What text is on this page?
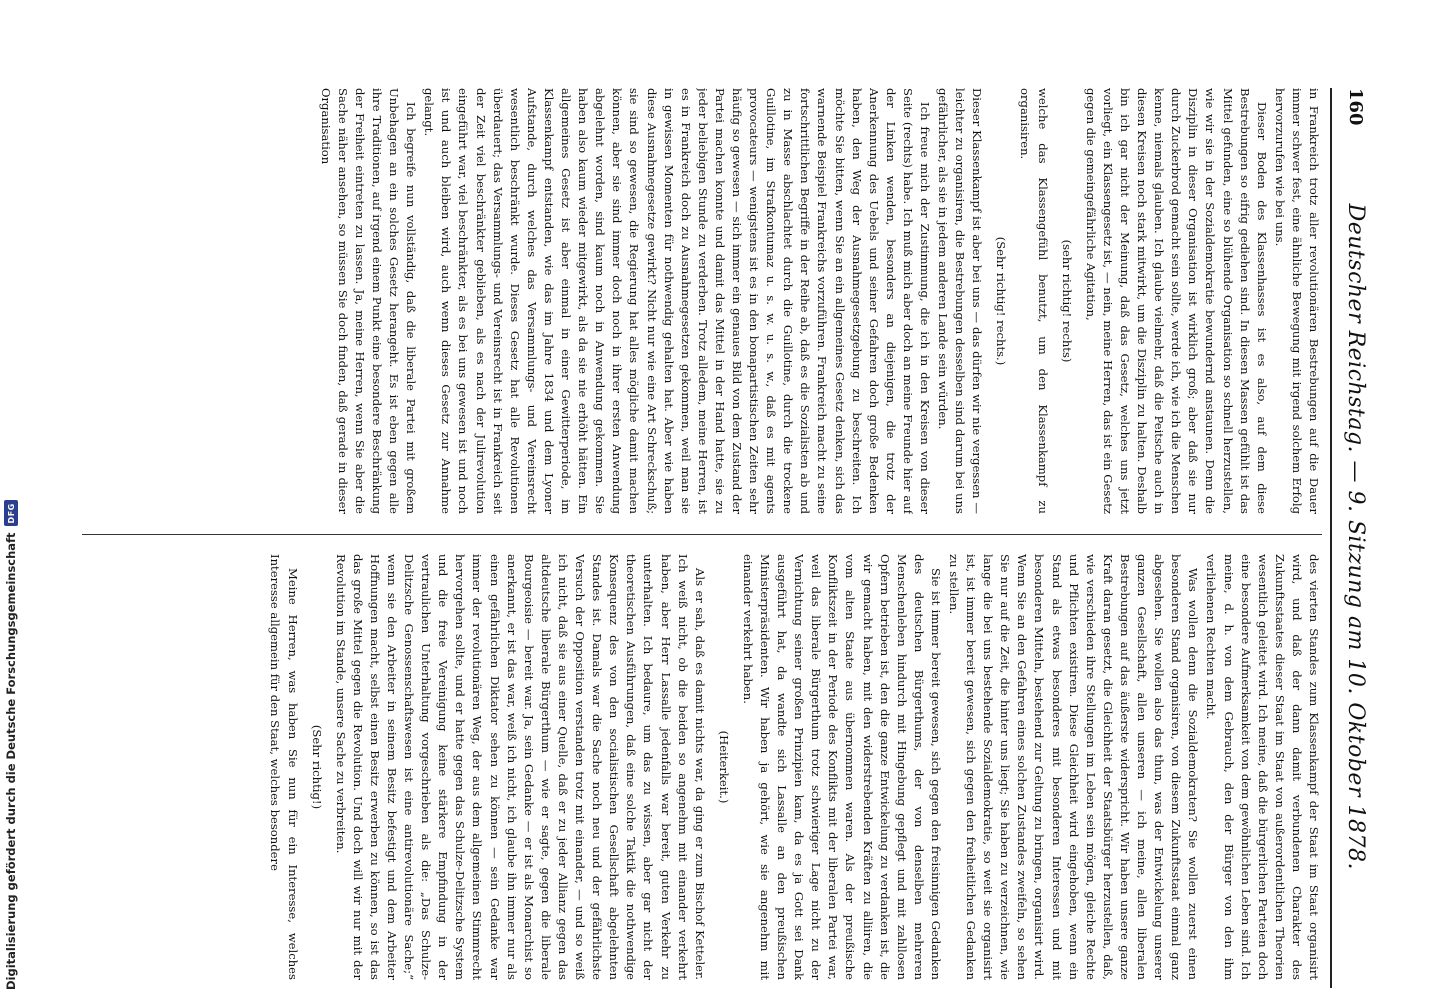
160
Deutscher Reichstag. — 9. Sitzung am 10. Oktober 1878.

in Frankreich trotz aller revolutionären Bestrebungen auf die Dauer immer schwer fest, eine ähnliche Bewegung mit irgend solchem Erfolg hervorzurufen wie bei uns.

Dieser Boden des Klassenhasses ist es also, auf dem diese Bestrebungen so eifrig gediehen sind. In diesen Massen gefühlt ist das Mittel gefunden, eine so blühende Organisation so schnell herzustellen, wie wir sie in der Sozialdemokratie bewundernd anstaunen. Denn die Disziplin in dieser Organisation ist wirklich groß; aber daß sie nur durch Zuckerbrod gemacht sein sollte, werde ich, wie ich die Menschen kenne, niemals glauben. Ich glaube vielmehr, daß die Peitsche auch in diesen Kreisen noch stark mitwirkt, um die Disziplin zu halten. Deshalb bin ich gar nicht der Meinung, daß das Gesetz, welches uns jetzt vorliegt, ein Klassengesetz ist, — nein, meine Herren, das ist ein Gesetz gegen die gemeingefährliche Agitation,

(sehr richtig! rechts)

welche das Klassengefühl benutzt, um den Klassenkampf zu organisiren.

(Sehr richtig! rechts.)

Dieser Klassenkampf ist aber bei uns — das dürfen wir nie vergessen — leichter zu organisiren, die Bestrebungen desselben sind darum bei uns gefährlicher, als sie in jedem anderen Lande sein würden.

Ich freue mich der Zustimmung, die ich in den Kreisen von dieser Seite (rechts) habe. Ich muß mich aber doch an meine Freunde hier auf der Linken wenden, besonders an diejenigen, die trotz der Anerkennung des Uebels und seiner Gefahren doch große Bedenken haben, den Weg der Ausnahmegesetzgebung zu beschreiten. Ich möchte Sie bitten, wenn Sie an ein allgemeines Gesetz denken, sich das warnende Beispiel Frankreichs vorzuführen. Frankreich macht zu seine fortschrittlichen Begriffe in der Reihe ab, daß es die Sozialisten ab und zu in Masse abschlachtet durch die Guillotine, durch die trockene Guillotine, im Strafkontumaz u. s. w. u. s. w., daß es mit agents provocateurs — wenigstens ist es in den bonapartistischen Zeiten sehr häufig so gewesen — sich immer ein genaues Bild von dem Zustand der Partei machen konnte und damit das Mittel in der Hand hatte, sie zu jeder beliebigen Stunde zu verderben. Trotz alledem, meine Herren, ist es in Frankreich doch zu Ausnahmegesetzen gekommen, weil man sie in gewissen Momenten für nothwendig gehalten hat. Aber wie haben diese Ausnahmegesetze gewirkt? Nicht nur wie eine Art Schreckschuß; sie sind so gewesen, die Regierung hat alles mögliche damit machen können, aber sie sind immer doch noch in ihrer ersten Anwendung abgelehnt worden, sind kaum noch in Anwendung gekommen. Sie haben also kaum wieder mitgewirkt, als da sie nie erhöht hätten. Ein allgemeines Gesetz ist aber einmal in einer Gewitterperiode, im Klassenkampf entstanden, wie das im Jahre 1834 und dem Lyoner Aufstande, durch welches das Versammlungs- und Vereinsrecht wesentlich beschränkt wurde. Dieses Gesetz hat alle Revolutionen überdauert; das Versammlungs- und Vereinsrecht ist in Frankreich seit der Zeit viel beschränkter geblieben, als es nach der Julirevolution eingeführt war, viel beschränkter, als es bei uns gewesen ist und noch ist und auch bleiben wird, auch wenn dieses Gesetz zur Annahme gelangt.

Ich begreife nun vollständig, daß die liberale Partei mit großem Unbehagen an ein solches Gesetz herangeht. Es ist eben gegen alle ihre Traditionen, auf irgend einem Punkt eine besondere Beschränkung der Freiheit eintreten zu lassen. Ja, meine Herren, wenn Sie aber die Sache näher ansehen, so müssen Sie doch finden, daß gerade in dieser Organisation

des vierten Standes zum Klassenkampf der Staat im Staat organisirt wird, und daß der dann damit verbundenen Charakter des Zukunftsstaates dieser Staat im Staat von außerordentlichen Theorien wesentlich geleitet wird. Ich meine, daß die bürgerlichen Parteien doch eine besondere Aufmerksamkeit von dem gewöhnlichen Leben sind. Ich meine, d. h. von dem Gebrauch, den der Bürger von den ihm verliehenen Rechten macht.

Was wollen denn die Sozialdemokraten? Sie wollen zuerst einen besonderen Stand organisiren, von diesem Zukunftsstaat einmal ganz abgesehen. Sie wollen also das thun, was der Entwickelung unserer ganzen Gesellschaft, allen unseren — ich meine, allen liberalen Bestrebungen auf das äußerste widerspricht. Wir haben unsere ganze Kraft daran gesetzt, die Gleichheit der Staatsbürger herzustellen, daß, wie verschieden ihre Stellungen im Leben sein mögen, gleiche Rechte und Pflichten existiren. Diese Gleichheit wird eingehoben, wenn ein Stand als etwas besonderes mit besonderen Interessen und mit besonderen Mitteln, bestehend zur Geltung zu bringen, organisirt wird. Wenn Sie an den Gefahren eines solchen Zustandes zweifeln, so sehen Sie nur auf die Zeit, die hinter uns liegt; Sie haben zu verzeichnen, wie lange die bei uns bestehende Sozialdemokratie, so weit sie organisirt ist, ist immer bereit gewesen, sich gegen den freiheitlichen Gedanken zu stellen.

Sie ist immer bereit gewesen, sich gegen den freisinnigen Gedanken des deutschen Bürgerthums, der von denselben mehreren Menschenleben hindurch mit Hingebung gepflegt und mit zahllosen Opfern betrieben ist, den die ganze Entwickelung zu verdanken ist, die wir gemacht haben, mit den widerstrebenden Kräften zu alliiren, die vom alten Staate aus übernommen waren. Als der preußische Konfliktszeit in der Periode des Konflikts mit der liberalen Partei war, weil das liberale Bürgerthum trotz schwieriger Lage nicht zu der Vernichtung seiner großen Prinzipien kam, da es ja Gott sei Dank ausgeführt hat, da wandte sich Lassalle an den preußischen Ministerpräsidenten. Wir haben ja gehört, wie sie angenehm mit einander verkehrt haben.

(Heiterkeit.)

Als er sah, daß es damit nichts war, da ging er zum Bischof Ketteler. Ich weiß nicht, ob die beiden so angenehm mit einander verkehrt haben, aber Herr Lassalle jedenfalls war bereit, guten Verkehr zu unterhalten. Ich bedaure, um das zu wissen, aber gar nicht der theoretischen Ausführungen, daß eine solche Taktik die nothwendige Konsequenz des von den socialistischen Gesellschaft abgelehnten Standes ist. Damals war die Sache noch neu und der gefährlichste Versuch der Opposition verstanden trotz mit einander, — und so weiß ich nicht, daß sie aus einer Quelle, daß er zu jeder Allianz gegen das altdeutsche liberale Bürgerthum — wie er sagte, gegen die liberale Bourgeoisie — bereit war. Ja, sein Gedanke — er ist als Monarchist so anerkannt, er ist das war, weiß ich nicht, ich glaube ihn immer nur als einen gefährlichen Diktator sehen zu können — sein Gedanke war immer der revolutionären Weg, der aus dem allgemeinen Stimmrecht hervorgehen sollte, und er hatte gegen das Schulze-Delitzsche System und die freie Vereinigung keine stärkere Empfindung in der vertraulichen Unterhaltung vorgeschrieben als die: „Das Schulze-Delitzsche Genossenschaftswesen ist eine antirevolutionäre Sache;“ wenn sie den Arbeiter in seinem Besitz befestigt und dem Arbeiter Hoffnungen macht, selbst einen Besitz erwerben zu können, so ist das das große Mittel gegen die Revolution. Und doch will wir nur mit der Revolution im Stande, unsere Sache zu verbreiten.

(Sehr richtig!)

Meine Herren, was haben Sie nun für ein Interesse, welches Interesse allgemein für den Staat, welches besondere

Digitalisierung gefördert durch die Deutsche Forschungsgemeinschaft
DFG
